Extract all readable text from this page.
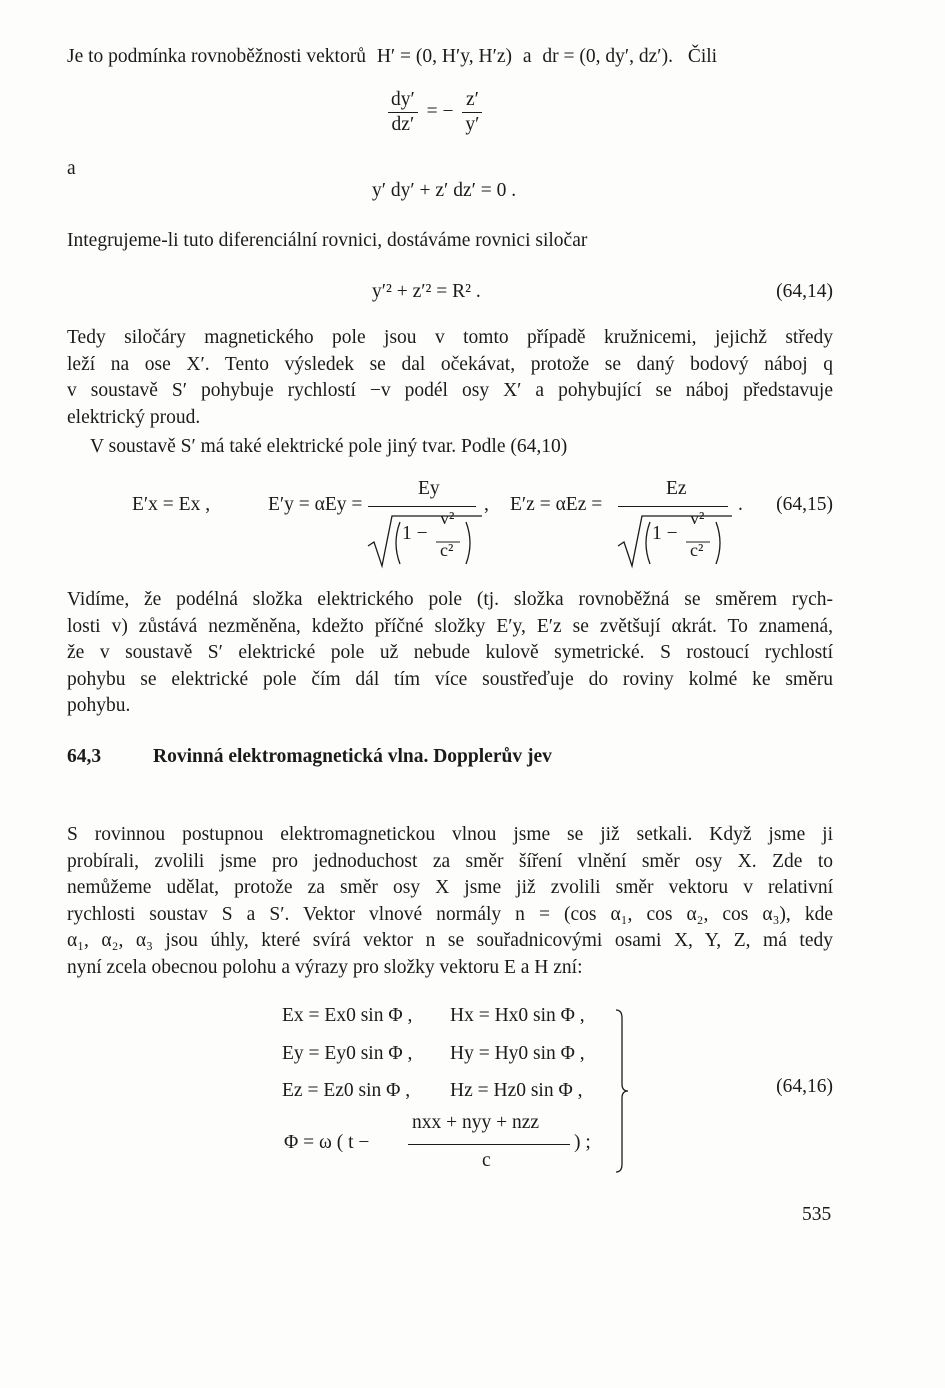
Je to podmínka rovnoběžnosti vektorů H′ = (0, H′y, H′z) a dr = (0, dy′, dz′). Čili
$\frac{dy'}{dz'}$ = − $\frac{z'}{y'}$
a
y′ dy′ + z′ dz′ = 0 .
Integrujeme-li tuto diferenciální rovnici, dostáváme rovnici siločar
y′² + z′² = R² .	(64,14)
Tedy siločáry magnetického pole jsou v tomto případě kružnicemi, jejichž středy
leží na ose X′. Tento výsledek se dal očekávat, protože se daný bodový náboj q
v soustavě S′ pohybuje rychlostí −v podél osy X′ a pohybující se náboj představuje
elektrický proud.
V soustavě S′ má také elektrické pole jiný tvar. Podle (64,10)
E′x = Ex ,	E′y = αEy =
Ey
,
1 −
v²
c²
E′z = αEz =
Ez
.
1 −
v²
c²
(64,15)
Vidíme, že podélná složka elektrického pole (tj. složka rovnoběžná se směrem rych-
losti v) zůstává nezměněna, kdežto příčné složky E′y, E′z se zvětšují αkrát. To znamená,
že v soustavě S′ elektrické pole už nebude kulově symetrické. S rostoucí rychlostí
pohybu se elektrické pole čím dál tím více soustřeďuje do roviny kolmé ke směru
pohybu.
64,3	Rovinná elektromagnetická vlna. Dopplerův jev
S rovinnou postupnou elektromagnetickou vlnou jsme se již setkali. Když jsme ji
probírali, zvolili jsme pro jednoduchost za směr šíření vlnění směr osy X. Zde to
nemůžeme udělat, protože za směr osy X jsme již zvolili směr vektoru v relativní
rychlosti soustav S a S′. Vektor vlnové normály n = (cos α₁, cos α₂, cos α₃), kde
α₁, α₂, α₃ jsou úhly, které svírá vektor n se souřadnicovými osami X, Y, Z, má tedy
nyní zcela obecnou polohu a výrazy pro složky vektoru E a H zní:
Ex = Ex0 sin Φ , Hx = Hx0 sin Φ ,
Ey = Ey0 sin Φ , Hy = Hy0 sin Φ ,
Ez = Ez0 sin Φ , Hz = Hz0 sin Φ ,
Φ = ω ( t −
nxx + nyy + nzz
c
) ;
(64,16)
535
